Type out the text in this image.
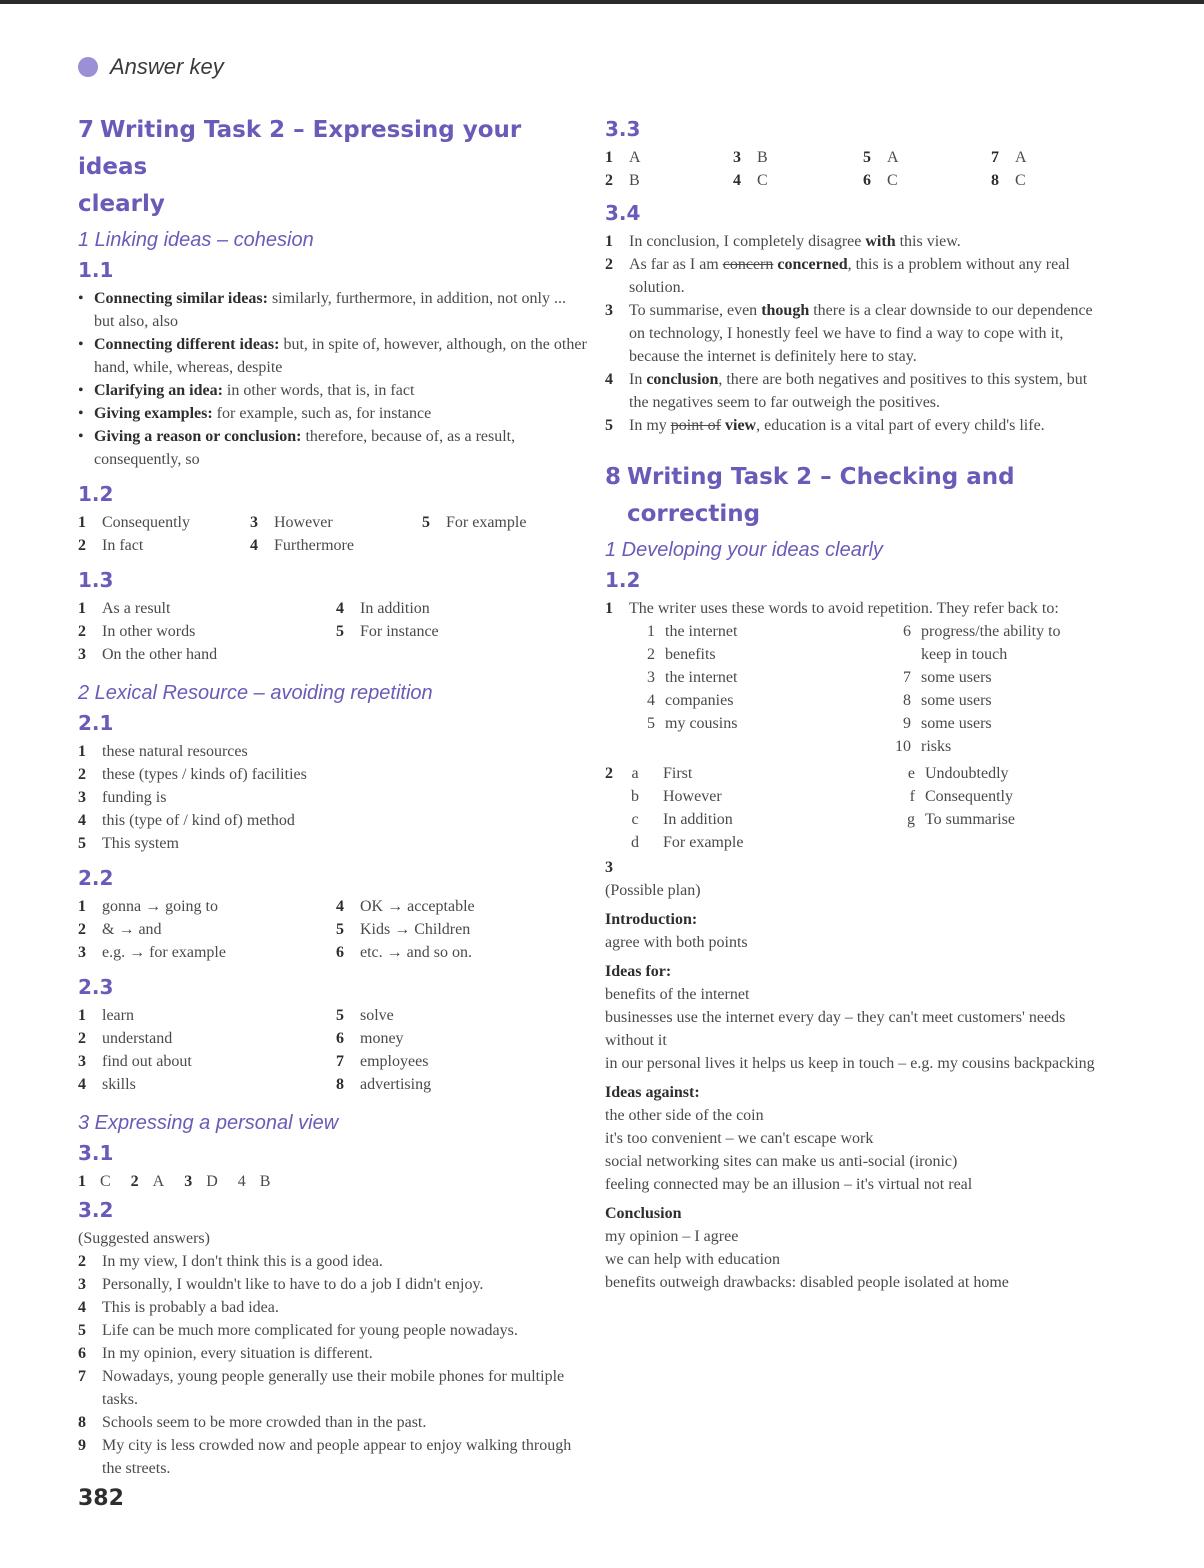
Answer key
7 Writing Task 2 – Expressing your ideas
clearly
1 Linking ideas – cohesion
1.1
• Connecting similar ideas: similarly, furthermore, in addition, not only ... but also, also
• Connecting different ideas: but, in spite of, however, although, on the other hand, while, whereas, despite
• Clarifying an idea: in other words, that is, in fact
• Giving examples: for example, such as, for instance
• Giving a reason or conclusion: therefore, because of, as a result, consequently, so
1.2
1 Consequently	3 However	5 For example
2 In fact	4 Furthermore
1.3
1 As a result	4 In addition
2 In other words	5 For instance
3 On the other hand
2 Lexical Resource – avoiding repetition
2.1
1	these natural resources
2	these (types / kinds of) facilities
3	funding is
4	this (type of / kind of) method
5	This system
2.2
1 gonna → going to	4 OK → acceptable
2 & → and	5 Kids → Children
3 e.g. → for example	6 etc. → and so on.
2.3
1 learn	5 solve
2 understand	6 money
3 find out about	7 employees
4 skills	8 advertising
3 Expressing a personal view
3.1
1 C 2 A 3 D 4 B
3.2
(Suggested answers)
2	In my view, I don't think this is a good idea.
3	Personally, I wouldn't like to have to do a job I didn't enjoy.
4	This is probably a bad idea.
5	Life can be much more complicated for young people nowadays.
6	In my opinion, every situation is different.
7	Nowadays, young people generally use their mobile phones for multiple tasks.
8	Schools seem to be more crowded than in the past.
9	My city is less crowded now and people appear to enjoy walking through the streets.
3.3
1 A	3 B	5 A	7 A
2 B	4 C	6 C	8 C
3.4
1	In conclusion, I completely disagree with this view.
2	As far as I am concern concerned, this is a problem without any real solution.
3	To summarise, even though there is a clear downside to our dependence on technology, I honestly feel we have to find a way to cope with it, because the internet is definitely here to stay.
4	In conclusion, there are both negatives and positives to this system, but the negatives seem to far outweigh the positives.
5	In my point of view, education is a vital part of every child's life.
8 Writing Task 2 – Checking and
correcting
1 Developing your ideas clearly
1.2
1	The writer uses these words to avoid repetition. They refer back to:
1 the internet
2 benefits
3 the internet
4 companies
5 my cousins
6 progress/the ability to
keep in touch
7 some users
8 some users
9 some users
10 risks
2	a First
b However
c In addition
d For example
e Undoubtedly
f Consequently
g To summarise
3
(Possible plan)
Introduction:
agree with both points
Ideas for:
benefits of the internet
businesses use the internet every day – they can't meet customers' needs without it
in our personal lives it helps us keep in touch – e.g. my cousins backpacking
Ideas against:
the other side of the coin
it's too convenient – we can't escape work
social networking sites can make us anti-social (ironic)
feeling connected may be an illusion – it's virtual not real
Conclusion
my opinion – I agree
we can help with education
benefits outweigh drawbacks: disabled people isolated at home
382
